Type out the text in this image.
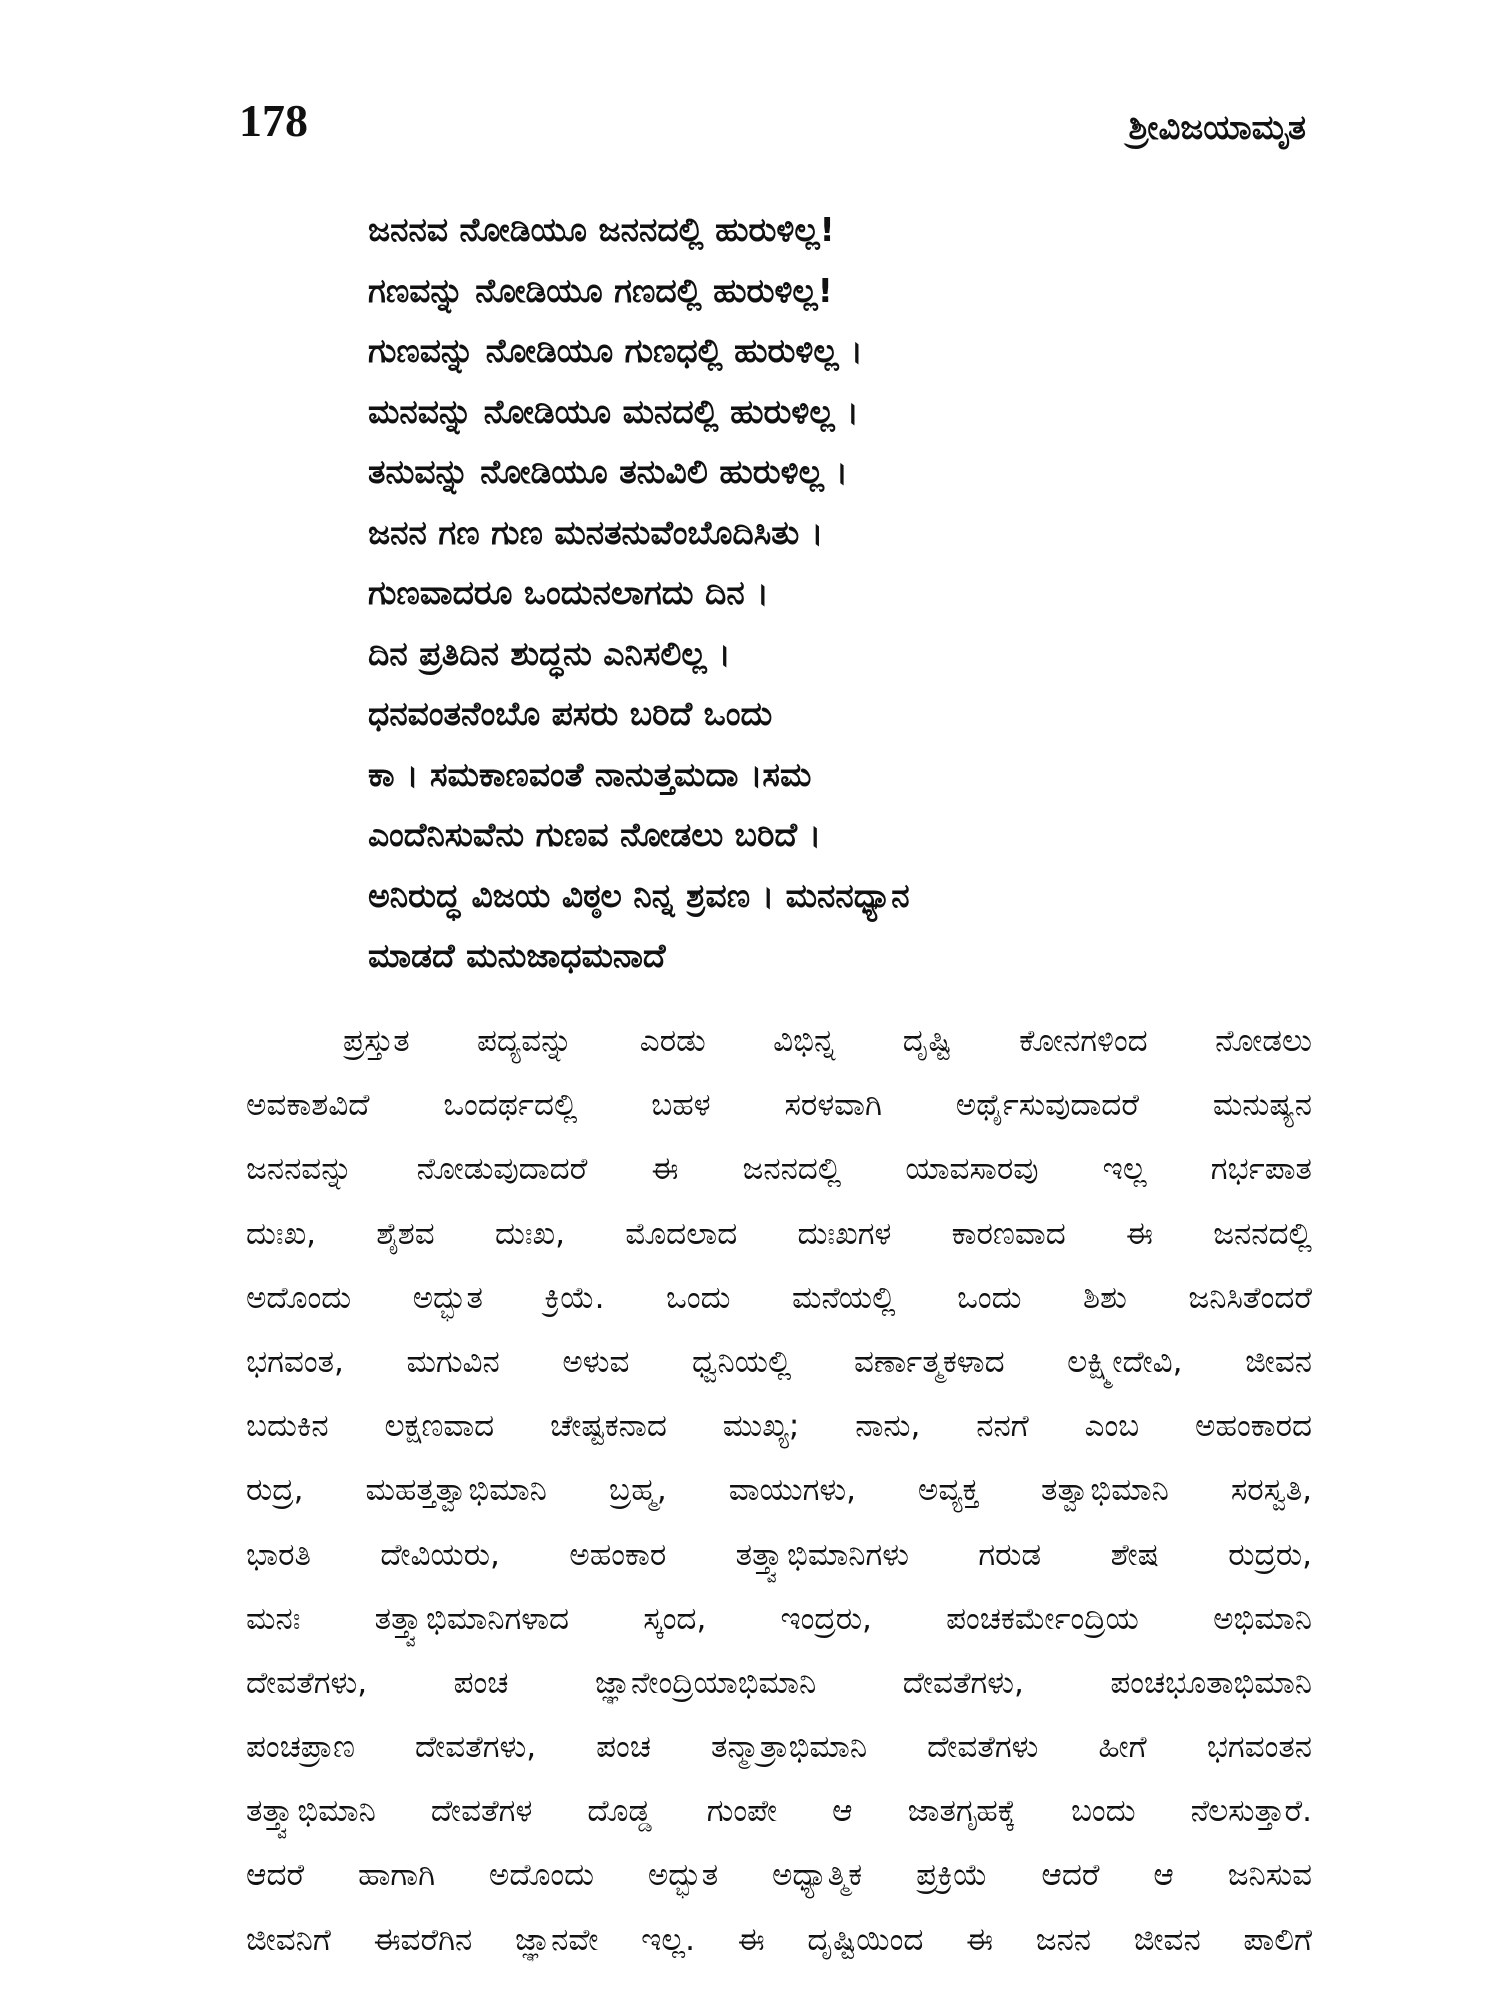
178	ಶ್ರೀವಿಜಯಾಮೃತ
ಜನನವ ನೋಡಿಯೂ ಜನನದಲ್ಲಿ ಹುರುಳಿಲ್ಲ!
ಗಣವನ್ನು ನೋಡಿಯೂ ಗಣದಲ್ಲಿ ಹುರುಳಿಲ್ಲ!
ಗುಣವನ್ನು ನೋಡಿಯೂ ಗುಣಧಲ್ಲಿ ಹುರುಳಿಲ್ಲ ।
ಮನವನ್ನು ನೋಡಿಯೂ ಮನದಲ್ಲಿ ಹುರುಳಿಲ್ಲ ।
ತನುವನ್ನು ನೋಡಿಯೂ ತನುವಿಲಿ ಹುರುಳಿಲ್ಲ ।
ಜನನ ಗಣ ಗುಣ ಮನತನುವೆಂಬೊದಿಸಿತು ।
ಗುಣವಾದರೂ ಒಂದುನಲಾಗದು ದಿನ ।
ದಿನ ಪ್ರತಿದಿನ ಶುದ್ಧನು ಎನಿಸಲಿಲ್ಲ ।
ಧನವಂತನೆಂಬೊ ಪಸರು ಬರಿದೆ ಒಂದು
ಕಾ । ಸಮಕಾಣವಂತೆ ನಾನುತ್ತಮದಾ ।ಸಮ
ಎಂದೆನಿಸುವೆನು ಗುಣವ ನೋಡಲು ಬರಿದೆ ।
ಅನಿರುದ್ಧ ವಿಜಯ ವಿಠ್ಠಲ ನಿನ್ನ ಶ್ರವಣ । ಮನನಧ್ಯಾನ
ಮಾಡದೆ ಮನುಜಾಧಮನಾದೆ
ಪ್ರಸ್ತುತ ಪದ್ಯವನ್ನು ಎರಡು ವಿಭಿನ್ನ ದೃಷ್ಟಿ ಕೋನಗಳಿಂದ ನೋಡಲು
ಅವಕಾಶವಿದೆ ಒಂದರ್ಥದಲ್ಲಿ ಬಹಳ ಸರಳವಾಗಿ ಅರ್ಥೈಸುವುದಾದರೆ ಮನುಷ್ಯನ
ಜನನವನ್ನು ನೋಡುವುದಾದರೆ ಈ ಜನನದಲ್ಲಿ ಯಾವಸಾರವು ಇಲ್ಲ ಗರ್ಭಪಾತ
ದುಃಖ, ಶೈಶವ ದುಃಖ, ಮೊದಲಾದ ದುಃಖಗಳ ಕಾರಣವಾದ ಈ ಜನನದಲ್ಲಿ
ಅದೊಂದು ಅದ್ಭುತ ಕ್ರಿಯೆ. ಒಂದು ಮನೆಯಲ್ಲಿ ಒಂದು ಶಿಶು ಜನಿಸಿತೆಂದರೆ
ಭಗವಂತ, ಮಗುವಿನ ಅಳುವ ಧ್ವನಿಯಲ್ಲಿ ವರ್ಣಾತ್ಮಕಳಾದ ಲಕ್ಷ್ಮೀದೇವಿ, ಜೀವನ
ಬದುಕಿನ ಲಕ್ಷಣವಾದ ಚೇಷ್ಟಕನಾದ ಮುಖ್ಯ; ನಾನು, ನನಗೆ ಎಂಬ ಅಹಂಕಾರದ
ರುದ್ರ, ಮಹತ್ತತ್ವಾಭಿಮಾನಿ ಬ್ರಹ್ಮ, ವಾಯುಗಳು, ಅವ್ಯಕ್ತ ತತ್ವಾಭಿಮಾನಿ ಸರಸ್ವತಿ,
ಭಾರತಿ ದೇವಿಯರು, ಅಹಂಕಾರ ತತ್ತ್ವಾಭಿಮಾನಿಗಳು ಗರುಡ ಶೇಷ ರುದ್ರರು,
ಮನಃ ತತ್ತ್ವಾಭಿಮಾನಿಗಳಾದ ಸ್ಕಂದ, ಇಂದ್ರರು, ಪಂಚಕರ್ಮೇಂದ್ರಿಯ ಅಭಿಮಾನಿ
ದೇವತೆಗಳು, ಪಂಚ ಜ್ಞಾನೇಂದ್ರಿಯಾಭಿಮಾನಿ ದೇವತೆಗಳು, ಪಂಚಭೂತಾಭಿಮಾನಿ
ಪಂಚಪ್ರಾಣ ದೇವತೆಗಳು, ಪಂಚ ತನ್ಮಾತ್ರಾಭಿಮಾನಿ ದೇವತೆಗಳು ಹೀಗೆ ಭಗವಂತನ
ತತ್ತ್ವಾಭಿಮಾನಿ ದೇವತೆಗಳ ದೊಡ್ಡ ಗುಂಪೇ ಆ ಜಾತಗೃಹಕ್ಕೆ ಬಂದು ನೆಲಸುತ್ತಾರೆ.
ಆದರೆ ಹಾಗಾಗಿ ಅದೊಂದು ಅದ್ಭುತ ಅಧ್ಯಾತ್ಮಿಕ ಪ್ರಕ್ರಿಯೆ ಆದರೆ ಆ ಜನಿಸುವ
ಜೀವನಿಗೆ ಈವರೆಗಿನ ಜ್ಞಾನವೇ ಇಲ್ಲ. ಈ ದೃಷ್ಟಿಯಿಂದ ಈ ಜನನ ಜೀವನ ಪಾಲಿಗೆ
